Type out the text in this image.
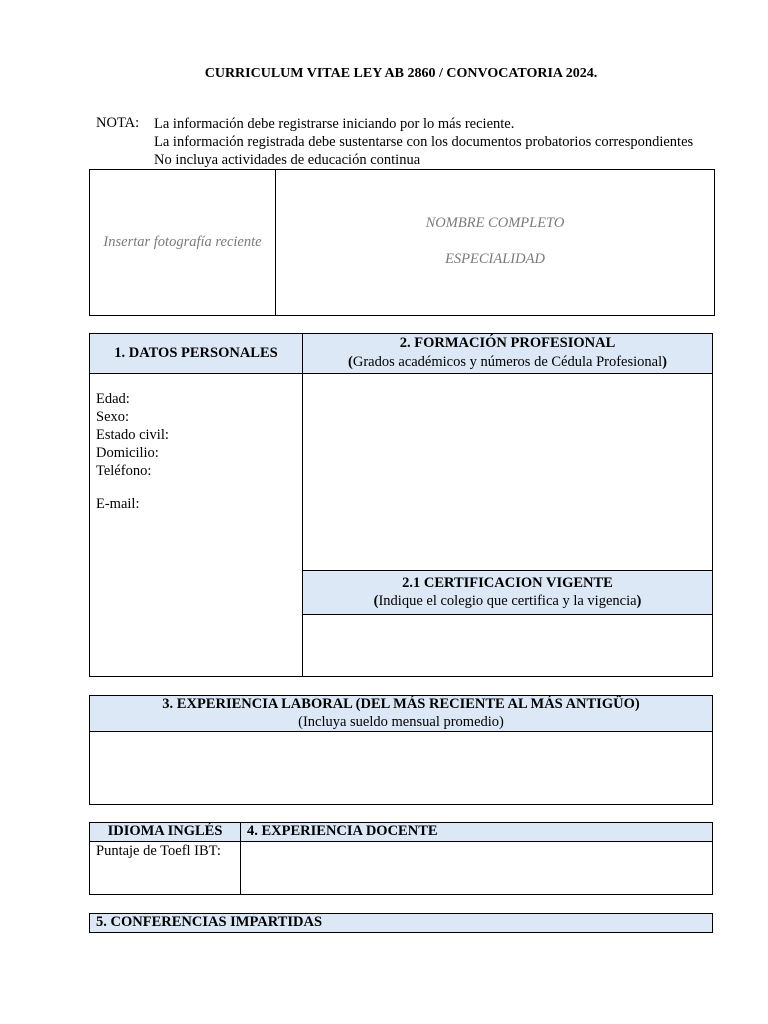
CURRICULUM VITAE LEY AB 2860 / CONVOCATORIA 2024.
NOTA: La información debe registrarse iniciando por lo más reciente.
La información registrada debe sustentarse con los documentos probatorios correspondientes
No incluya actividades de educación continua
Insertar fotografía reciente
NOMBRE COMPLETO
ESPECIALIDAD
1. DATOS PERSONALES
2. FORMACIÓN PROFESIONAL
(Grados académicos y números de Cédula Profesional)
Edad:
Sexo:
Estado civil:
Domicilio:
Teléfono:
E-mail:
2.1 CERTIFICACION VIGENTE
(Indique el colegio que certifica y la vigencia)
3. EXPERIENCIA LABORAL (DEL MÁS RECIENTE AL MÁS ANTIGÜO)
(Incluya sueldo mensual promedio)
IDIOMA INGLÉS	4. EXPERIENCIA DOCENTE
Puntaje de Toefl IBT:
5. CONFERENCIAS IMPARTIDAS
